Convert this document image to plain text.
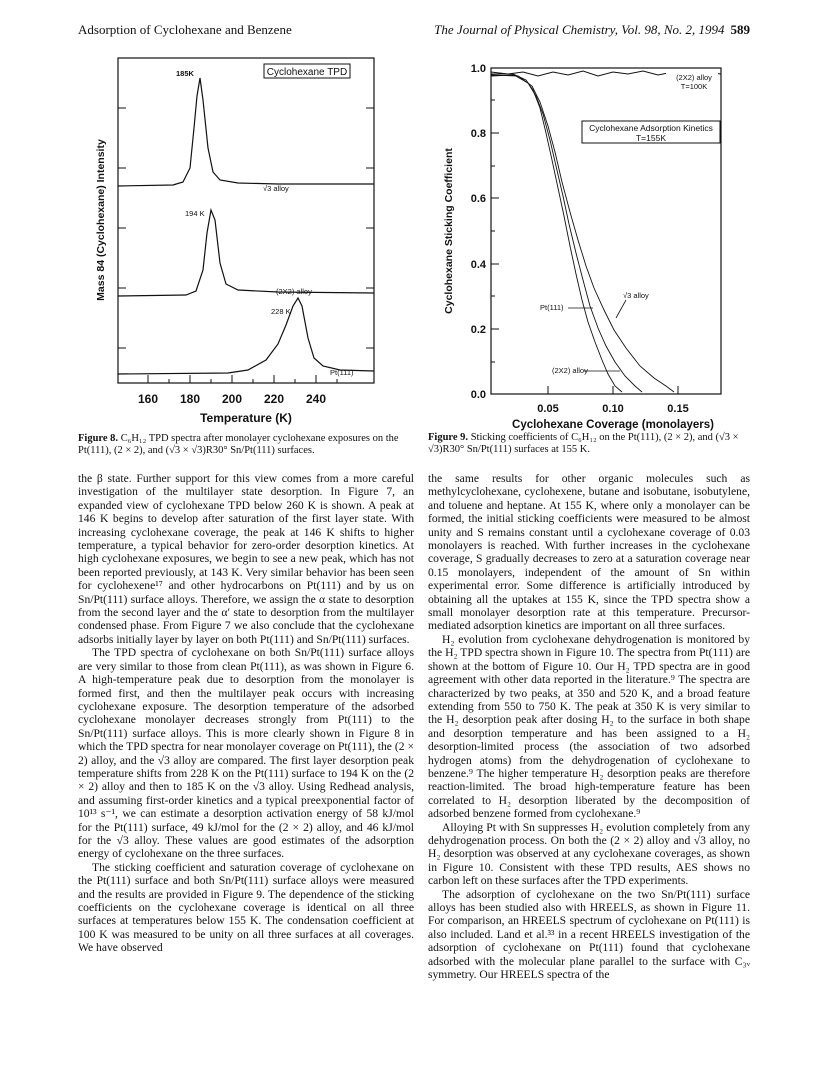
Adsorption of Cyclohexane and Benzene	The Journal of Physical Chemistry, Vol. 98, No. 2, 1994 589
Cyclohexane TPD
185K
√3 alloy
194 K
(2X2) alloy
228 K
Pt(111)
160 180 200 220 240
Temperature (K)
Mass 84 (Cyclohexane) Intensity
Figure 8. C₆H₁₂ TPD spectra after monolayer cyclohexane exposures on the Pt(111), (2 × 2), and (√3 × √3)R30° Sn/Pt(111) surfaces.
(2X2) alloy
T=100K
Cyclohexane Adsorption Kinetics
T=155K
Pt(111)
√3 alloy
(2X2) alloy
1.0
0.8
0.6
0.4
0.2
0.0
0.05	0.10	0.15
Cyclohexane Coverage (monolayers)
Cyclohexane Sticking Coefficient
Figure 9. Sticking coefficients of C₆H₁₂ on the Pt(111), (2 × 2), and (√3 × √3)R30° Sn/Pt(111) surfaces at 155 K.

the β state. Further support for this view comes from a more careful investigation of the multilayer state desorption. In Figure 7, an expanded view of cyclohexane TPD below 260 K is shown. A peak at 146 K begins to develop after saturation of the first layer state. With increasing cyclohexane coverage, the peak at 146 K shifts to higher temperature, a typical behavior for zero-order desorption kinetics. At high cyclohexane exposures, we begin to see a new peak, which has not been reported previously, at 143 K. Very similar behavior has been seen for cyclohexene¹⁷ and other hydrocarbons on Pt(111) and by us on Sn/Pt(111) surface alloys. Therefore, we assign the α state to desorption from the second layer and the α′ state to desorption from the multilayer condensed phase. From Figure 7 we also conclude that the cyclohexane adsorbs initially layer by layer on both Pt(111) and Sn/Pt(111) surfaces.

The TPD spectra of cyclohexane on both Sn/Pt(111) surface alloys are very similar to those from clean Pt(111), as was shown in Figure 6. A high-temperature peak due to desorption from the monolayer is formed first, and then the multilayer peak occurs with increasing cyclohexane exposure. The desorption temperature of the adsorbed cyclohexane monolayer decreases strongly from Pt(111) to the Sn/Pt(111) surface alloys. This is more clearly shown in Figure 8 in which the TPD spectra for near monolayer coverage on Pt(111), the (2 × 2) alloy, and the √3 alloy are compared. The first layer desorption peak temperature shifts from 228 K on the Pt(111) surface to 194 K on the (2 × 2) alloy and then to 185 K on the √3 alloy. Using Redhead analysis, and assuming first-order kinetics and a typical preexponential factor of 10¹³ s⁻¹, we can estimate a desorption activation energy of 58 kJ/mol for the Pt(111) surface, 49 kJ/mol for the (2 × 2) alloy, and 46 kJ/mol for the √3 alloy. These values are good estimates of the adsorption energy of cyclohexane on the three surfaces.

The sticking coefficient and saturation coverage of cyclohexane on the Pt(111) surface and both Sn/Pt(111) surface alloys were measured and the results are provided in Figure 9. The dependence of the sticking coefficients on the cyclohexane coverage is identical on all three surfaces at temperatures below 155 K. The condensation coefficient at 100 K was measured to be unity on all three surfaces at all coverages. We have observed

the same results for other organic molecules such as methylcyclohexane, cyclohexene, butane and isobutane, isobutylene, and toluene and heptane. At 155 K, where only a monolayer can be formed, the initial sticking coefficients were measured to be almost unity and S remains constant until a cyclohexane coverage of 0.03 monolayers is reached. With further increases in the cyclohexane coverage, S gradually decreases to zero at a saturation coverage near 0.15 monolayers, independent of the amount of Sn within experimental error. Some difference is artificially introduced by obtaining all the uptakes at 155 K, since the TPD spectra show a small monolayer desorption rate at this temperature. Precursor-mediated adsorption kinetics are important on all three surfaces.

H₂ evolution from cyclohexane dehydrogenation is monitored by the H₂ TPD spectra shown in Figure 10. The spectra from Pt(111) are shown at the bottom of Figure 10. Our H₂ TPD spectra are in good agreement with other data reported in the literature.⁹ The spectra are characterized by two peaks, at 350 and 520 K, and a broad feature extending from 550 to 750 K. The peak at 350 K is very similar to the H₂ desorption peak after dosing H₂ to the surface in both shape and desorption temperature and has been assigned to a H₂ desorption-limited process (the association of two adsorbed hydrogen atoms) from the dehydrogenation of cyclohexane to benzene.⁹ The higher temperature H₂ desorption peaks are therefore reaction-limited. The broad high-temperature feature has been correlated to H₂ desorption liberated by the decomposition of adsorbed benzene formed from cyclohexane.⁹

Alloying Pt with Sn suppresses H₂ evolution completely from any dehydrogenation process. On both the (2 × 2) alloy and √3 alloy, no H₂ desorption was observed at any cyclohexane coverages, as shown in Figure 10. Consistent with these TPD results, AES shows no carbon left on these surfaces after the TPD experiments.

The adsorption of cyclohexane on the two Sn/Pt(111) surface alloys has been studied also with HREELS, as shown in Figure 11. For comparison, an HREELS spectrum of cyclohexane on Pt(111) is also included. Land et al.³³ in a recent HREELS investigation of the adsorption of cyclohexane on Pt(111) found that cyclohexane adsorbed with the molecular plane parallel to the surface with C₃ᵥ symmetry. Our HREELS spectra of the
